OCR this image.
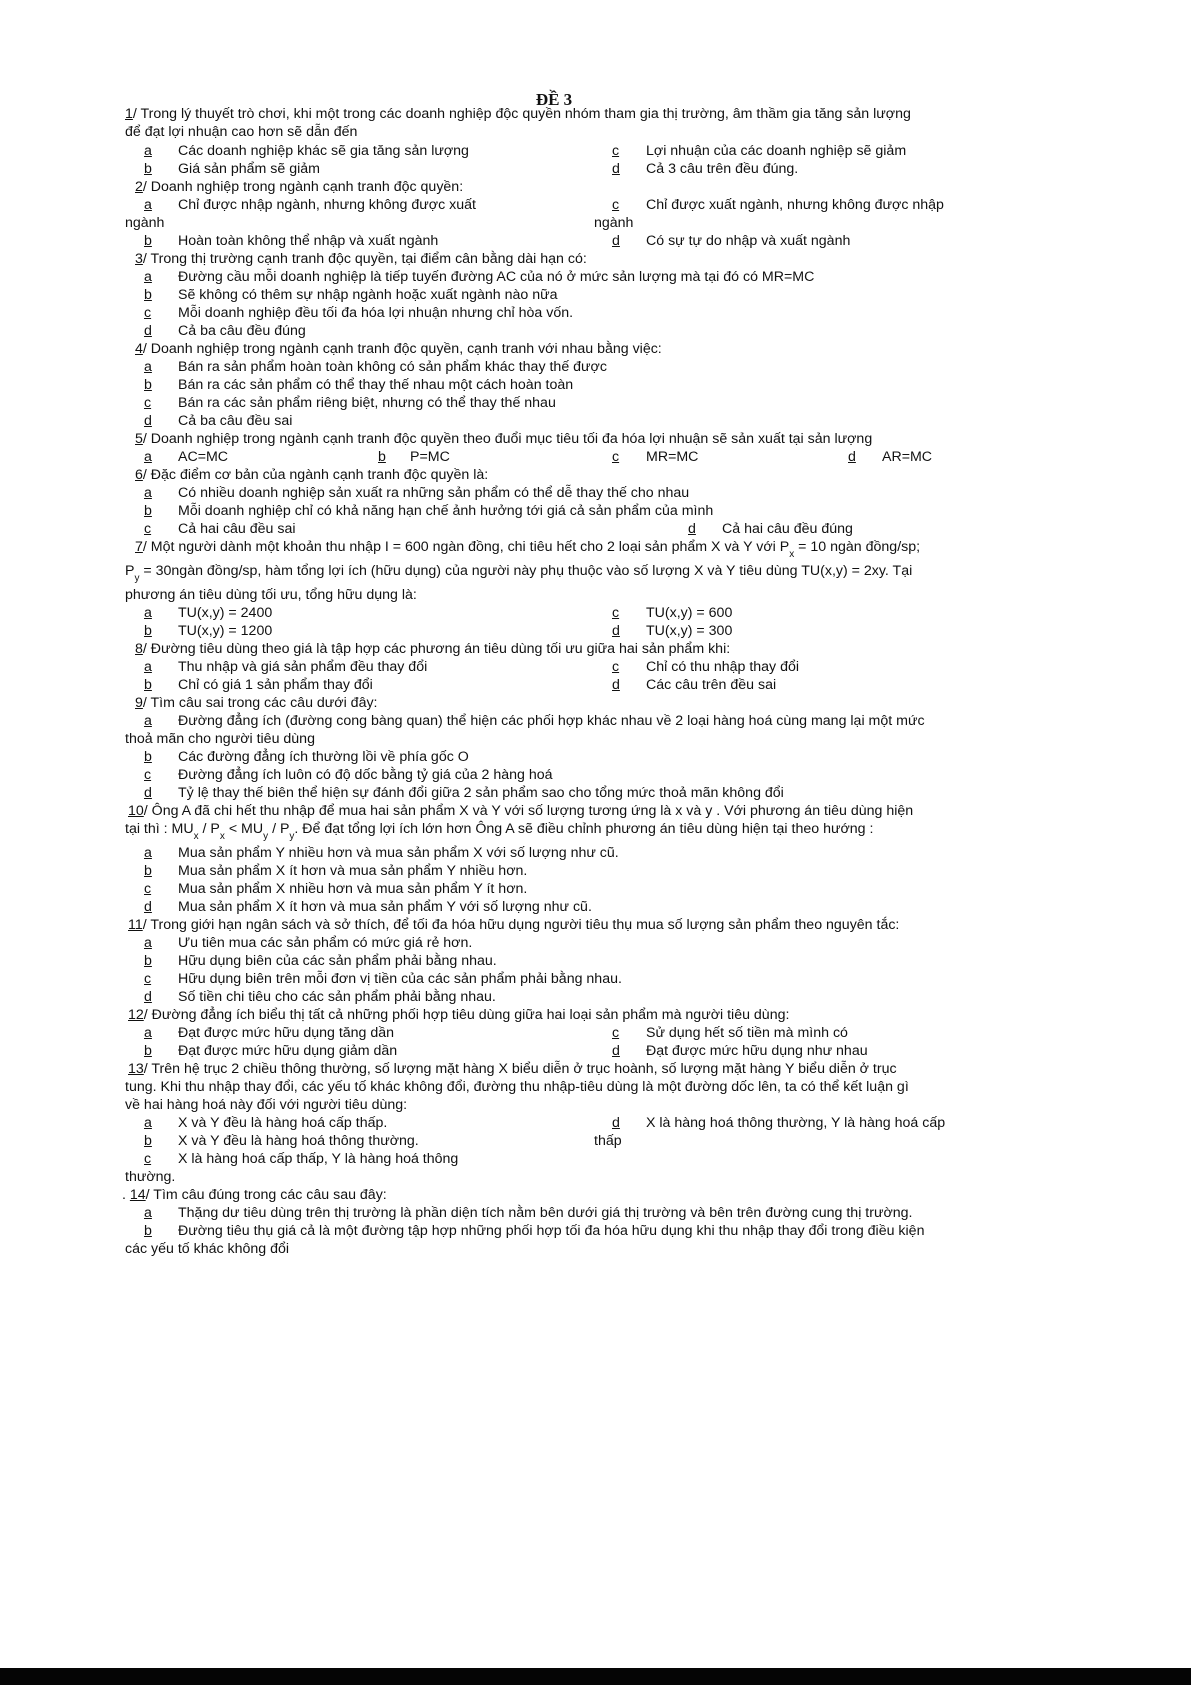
ĐỀ 3
1/ Trong lý thuyết trò chơi, khi một trong các doanh nghiệp độc quyền nhóm tham gia thị trường, âm thầm gia tăng sản lượng
để đạt lợi nhuận cao hơn sẽ dẫn đến
a Các doanh nghiệp khác sẽ gia tăng sản lượng	c Lợi nhuận của các doanh nghiệp sẽ giảm
b Giá sản phẩm sẽ giảm	d Cả 3 câu trên đều đúng.
2/ Doanh nghiệp trong ngành cạnh tranh độc quyền:
a Chỉ được nhập ngành, nhưng không được xuất	c Chỉ được xuất ngành, nhưng không được nhập
ngành	ngành
b Hoàn toàn không thể nhập và xuất ngành	d Có sự tự do nhập và xuất ngành
3/ Trong thị trường cạnh tranh độc quyền, tại điểm cân bằng dài hạn có:
a Đường cầu mỗi doanh nghiệp là tiếp tuyến đường AC của nó ở mức sản lượng mà tại đó có MR=MC
b Sẽ không có thêm sự nhập ngành hoặc xuất ngành nào nữa
c Mỗi doanh nghiệp đều tối đa hóa lợi nhuận nhưng chỉ hòa vốn.
d Cả ba câu đều đúng
4/ Doanh nghiệp trong ngành cạnh tranh độc quyền, cạnh tranh với nhau bằng việc:
a Bán ra sản phẩm hoàn toàn không có sản phẩm khác thay thế được
b Bán ra các sản phẩm có thể thay thế nhau một cách hoàn toàn
c Bán ra các sản phẩm riêng biệt, nhưng có thể thay thế nhau
d Cả ba câu đều sai
5/ Doanh nghiệp trong ngành cạnh tranh độc quyền theo đuổi mục tiêu tối đa hóa lợi nhuận sẽ sản xuất tại sản lượng
a AC=MC	b P=MC	c MR=MC	d AR=MC
6/ Đặc điểm cơ bản của ngành cạnh tranh độc quyền là:
a Có nhiều doanh nghiệp sản xuất ra những sản phẩm có thể dễ thay thế cho nhau
b Mỗi doanh nghiệp chỉ có khả năng hạn chế ảnh hưởng tới giá cả sản phẩm của mình
c Cả hai câu đều sai	d Cả hai câu đều đúng
7/ Một người dành một khoản thu nhập I = 600 ngàn đồng, chi tiêu hết cho 2 loại sản phẩm X và Y với $P_x = 10$ ngàn đồng/sp;
$P_y$ = 30ngàn đồng/sp, hàm tổng lợi ích (hữu dụng) của người này phụ thuộc vào số lượng X và Y tiêu dùng TU(x,y) = 2xy. Tại
phương án tiêu dùng tối ưu, tổng hữu dụng là:
a TU(x,y) = 2400	c TU(x,y) = 600
b TU(x,y) = 1200	d TU(x,y) = 300
8/ Đường tiêu dùng theo giá là tập hợp các phương án tiêu dùng tối ưu giữa hai sản phẩm khi:
a Thu nhập và giá sản phẩm đều thay đổi	c Chỉ có thu nhập thay đổi
b Chỉ có giá 1 sản phẩm thay đổi	d Các câu trên đều sai
9/ Tìm câu sai trong các câu dưới đây:
a Đường đẳng ích (đường cong bàng quan) thể hiện các phối hợp khác nhau về 2 loại hàng hoá cùng mang lại một mức
thoả mãn cho người tiêu dùng
b Các đường đẳng ích thường lồi về phía gốc O
c Đường đẳng ích luôn có độ dốc bằng tỷ giá của 2 hàng hoá
d Tỷ lệ thay thế biên thể hiện sự đánh đổi giữa 2 sản phẩm sao cho tổng mức thoả mãn không đổi
10/ Ông A đã chi hết thu nhập để mua hai sản phẩm X và Y với số lượng tương ứng là x và y . Với phương án tiêu dùng hiện
tại thì : $MU_x / P_x < MU_y / P_y$. Để đạt tổng lợi ích lớn hơn Ông A sẽ điều chỉnh phương án tiêu dùng hiện tại theo hướng :
a Mua sản phẩm Y nhiều hơn và mua sản phẩm X với số lượng như cũ.
b Mua sản phẩm X ít hơn và mua sản phẩm Y nhiều hơn.
c Mua sản phẩm X nhiều hơn và mua sản phẩm Y ít hơn.
d Mua sản phẩm X ít hơn và mua sản phẩm Y với số lượng như cũ.
11/ Trong giới hạn ngân sách và sở thích, để tối đa hóa hữu dụng người tiêu thụ mua số lượng sản phẩm theo nguyên tắc:
a Ưu tiên mua các sản phẩm có mức giá rẻ hơn.
b Hữu dụng biên của các sản phẩm phải bằng nhau.
c Hữu dụng biên trên mỗi đơn vị tiền của các sản phẩm phải bằng nhau.
d Số tiền chi tiêu cho các sản phẩm phải bằng nhau.
12/ Đường đẳng ích biểu thị tất cả những phối hợp tiêu dùng giữa hai loại sản phẩm mà người tiêu dùng:
a Đạt được mức hữu dụng tăng dần	c Sử dụng hết số tiền mà mình có
b Đạt được mức hữu dụng giảm dần	d Đạt được mức hữu dụng như nhau
13/ Trên hệ trục 2 chiều thông thường, số lượng mặt hàng X biểu diễn ở trục hoành, số lượng mặt hàng Y biểu diễn ở trục
tung. Khi thu nhập thay đổi, các yếu tố khác không đổi, đường thu nhập-tiêu dùng là một đường dốc lên, ta có thể kết luận gì
về hai hàng hoá này đối với người tiêu dùng:
a X và Y đều là hàng hoá cấp thấp.	d X là hàng hoá thông thường, Y là hàng hoá cấp
b X và Y đều là hàng hoá thông thường.	thấp
c X là hàng hoá cấp thấp, Y là hàng hoá thông
thường.
. 14/ Tìm câu đúng trong các câu sau đây:
a Thặng dư tiêu dùng trên thị trường là phần diện tích nằm bên dưới giá thị trường và bên trên đường cung thị trường.
b Đường tiêu thụ giá cả là một đường tập hợp những phối hợp tối đa hóa hữu dụng khi thu nhập thay đổi trong điều kiện
các yếu tố khác không đổi
